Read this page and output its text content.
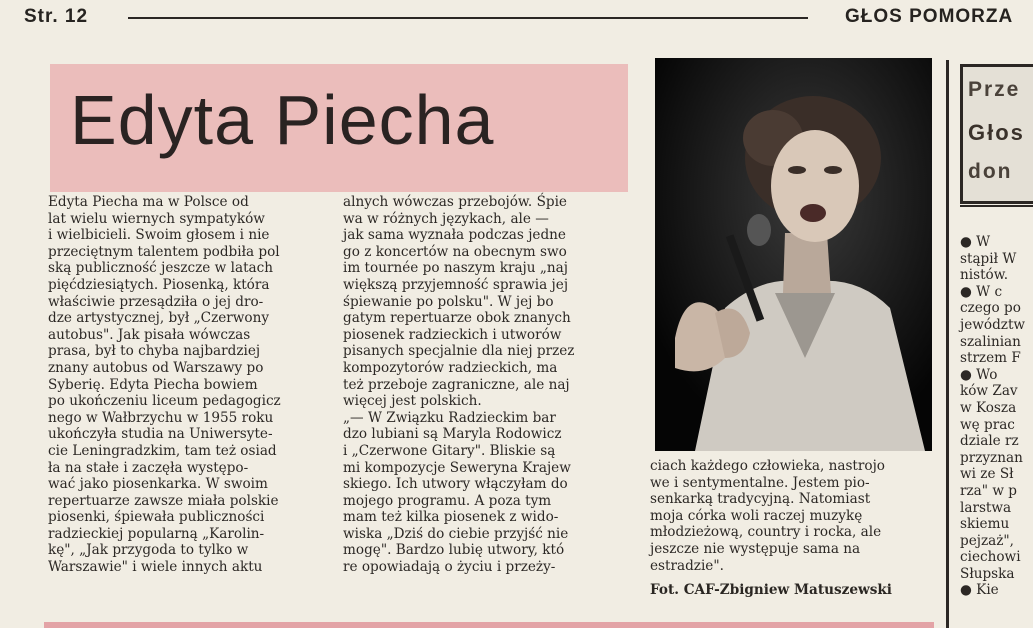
Str. 12	GŁOS POMORZA
Edyta Piecha
Edyta Piecha ma w Polsce od
lat wielu wiernych sympatyków
i wielbicieli. Swoim głosem i nie
przeciętnym talentem podbiła pol
ską publiczność jeszcze w latach
pięćdziesiątych. Piosenką, która
właściwie przesądziła o jej dro-
dze artystycznej, był „Czerwony
autobus". Jak pisała wówczas
prasa, był to chyba najbardziej
znany autobus od Warszawy po
Syberię. Edyta Piecha bowiem
po ukończeniu liceum pedagogicz
nego w Wałbrzychu w 1955 roku
ukończyła studia na Uniwersyte-
cie Leningradzkim, tam też osiad
ła na stałe i zaczęła występo-
wać jako piosenkarka. W swoim
repertuarze zawsze miała polskie
piosenki, śpiewała publiczności
radzieckiej popularną „Karolin-
kę", „Jak przygoda to tylko w
Warszawie" i wiele innych aktu
alnych wówczas przebojów. Śpie
wa w różnych językach, ale —
jak sama wyznała podczas jedne
go z koncertów na obecnym swo
im tournée po naszym kraju „naj
większą przyjemność sprawia jej
śpiewanie po polsku". W jej bo
gatym repertuarze obok znanych
piosenek radzieckich i utworów
pisanych specjalnie dla niej przez
kompozytorów radzieckich, ma
też przeboje zagraniczne, ale naj
więcej jest polskich.
„— W Związku Radzieckim bar
dzo lubiani są Maryla Rodowicz
i „Czerwone Gitary". Bliskie są
mi kompozycje Seweryna Krajew
skiego. Ich utwory włączyłam do
mojego programu. A poza tym
mam też kilka piosenek z wido-
wiska „Dziś do ciebie przyjść nie
mogę". Bardzo lubię utwory, któ
re opowiadają o życiu i przeży-
ciach każdego człowieka, nastrojo
we i sentymentalne. Jestem pio-
senkarką tradycyjną. Natomiast
moja córka woli raczej muzykę
młodzieżową, country i rocka, ale
jeszcze nie występuje sama na
estradzie".
Fot. CAF-Zbigniew Matuszewski
Prze
Głos
don
● W
stąpił W
nistów.
● W c
czego po
jewództw
szalinian
strzem F
● Wo
ków Zav
w Kosza
wę prac
dziale rz
przyznan
wi ze Sł
rza" w p
larstwa
skiemu
pejzaż",
ciechowi
Słupska
● Kie
